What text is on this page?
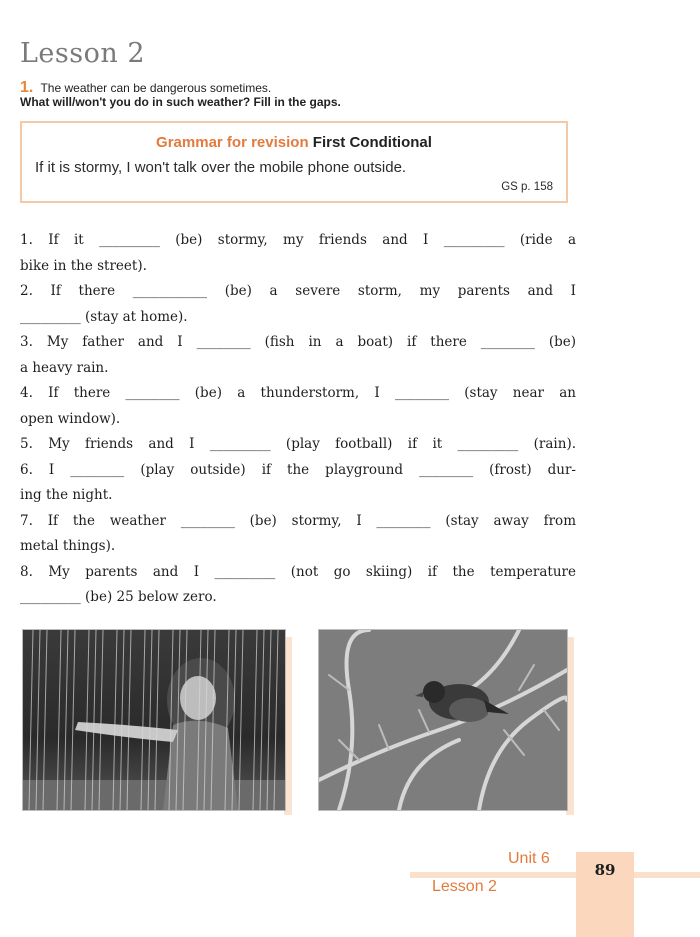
Lesson 2
1. The weather can be dangerous sometimes.
What will/won't you do in such weather? Fill in the gaps.
Grammar for revision First Conditional
If it is stormy, I won't talk over the mobile phone outside.
GS p. 158
1. If it _________ (be) stormy, my friends and I _________ (ride a
bike in the street).
2. If there ___________ (be) a severe storm, my parents and I
_________ (stay at home).
3. My father and I ________ (fish in a boat) if there ________ (be)
a heavy rain.
4. If there ________ (be) a thunderstorm, I ________ (stay near an
open window).
5. My friends and I _________ (play football) if it _________ (rain).
6. I ________ (play outside) if the playground ________ (frost) dur-
ing the night.
7. If the weather ________ (be) stormy, I ________ (stay away from
metal things).
8. My parents and I _________ (not go skiing) if the temperature
_________ (be) 25 below zero.
Unit 6
Lesson 2
89
